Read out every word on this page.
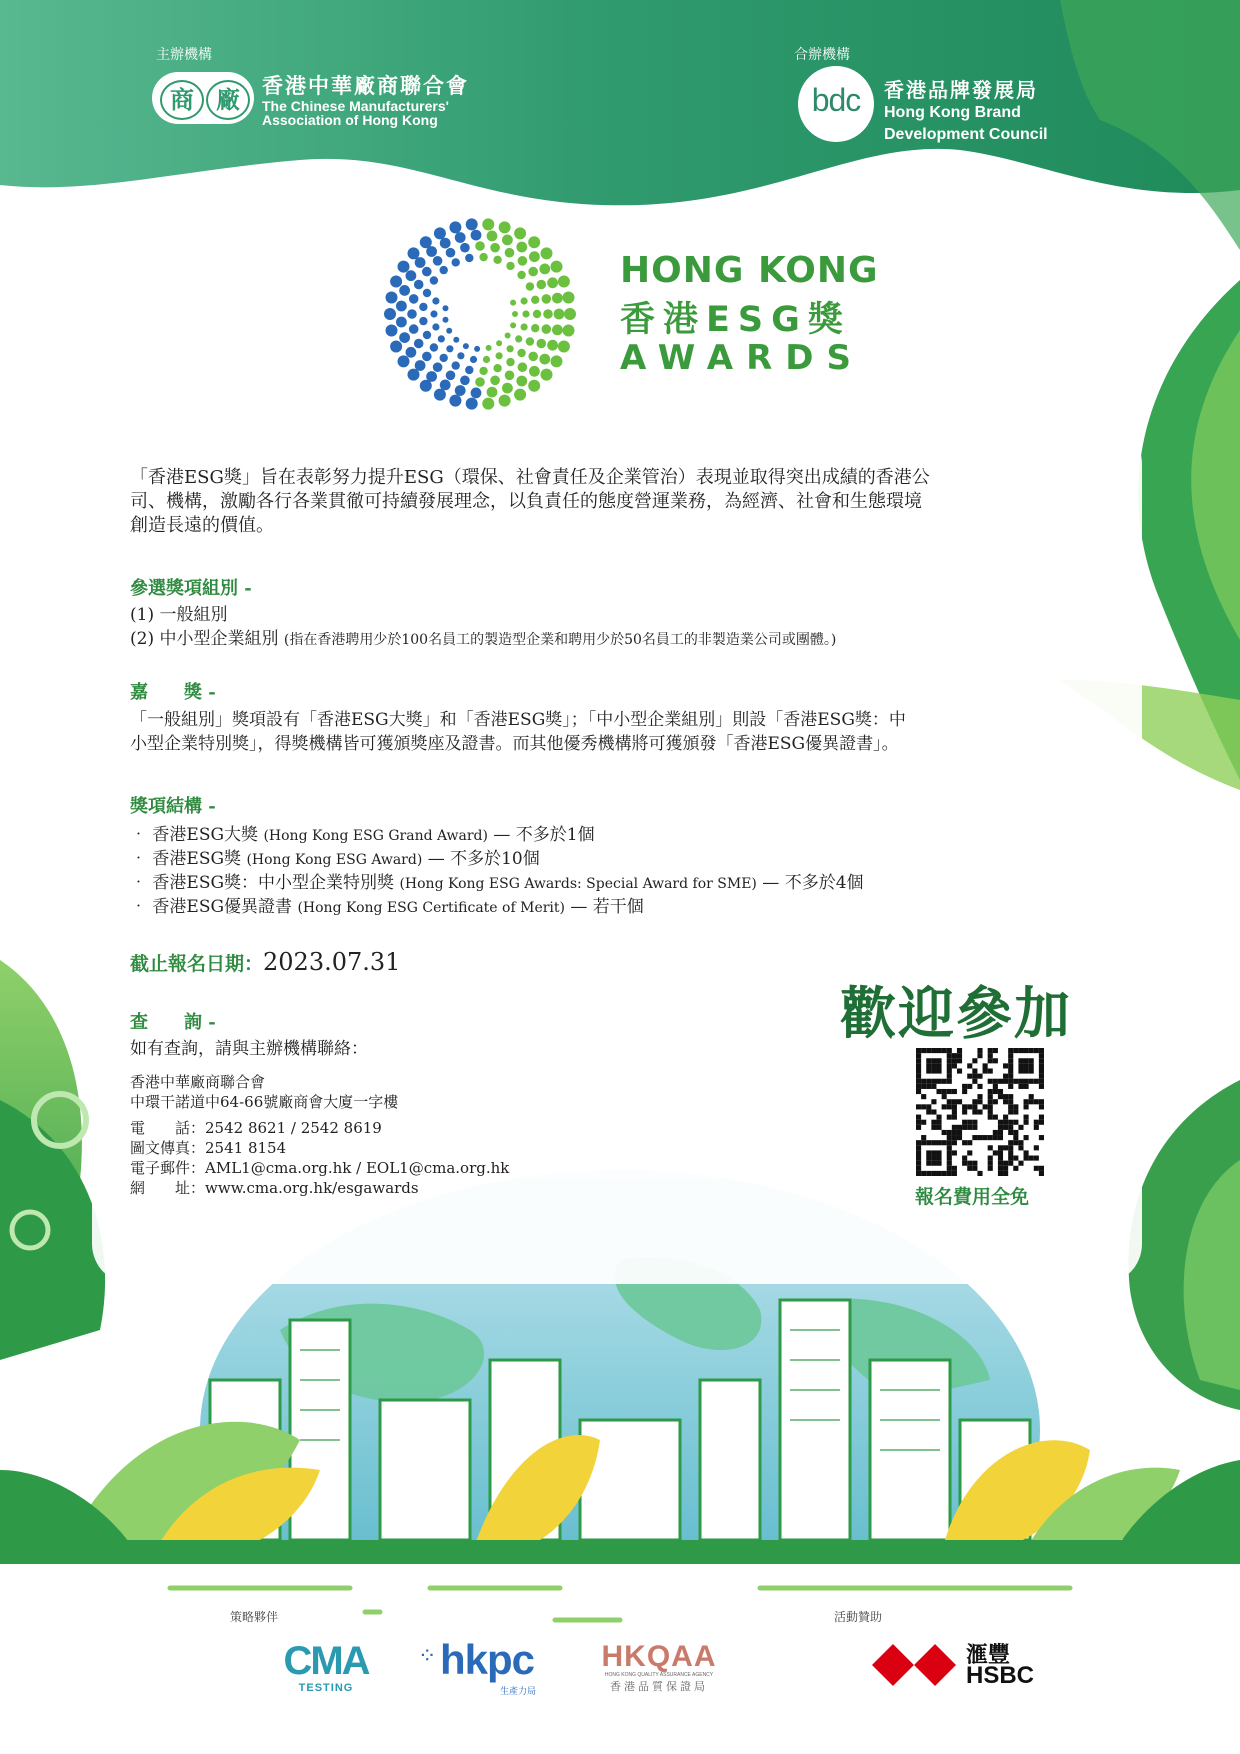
主辦機構	合辦機構
商 廠	香港中華廠商聯合會
The Chinese Manufacturers'
Association of Hong Kong
bdc	香港品牌發展局
Hong Kong Brand
Development Council
HONG KONG
香港ESG獎
AWARDS
「香港ESG獎」旨在表彰努力提升ESG（環保、社會責任及企業管治）表現並取得突出成績的香港公
司、機構，激勵各行各業貫徹可持續發展理念，以負責任的態度營運業務，為經濟、社會和生態環境
創造長遠的價值。
參選獎項組別 -
(1) 一般組別
(2) 中小型企業組別 (指在香港聘用少於100名員工的製造型企業和聘用少於50名員工的非製造業公司或團體。)
嘉　　獎 -
「一般組別」獎項設有「香港ESG大獎」和「香港ESG獎」；「中小型企業組別」則設「香港ESG獎：中
小型企業特別獎」，得獎機構皆可獲頒獎座及證書。而其他優秀機構將可獲頒發「香港ESG優異證書」。
獎項結構 -
‧ 香港ESG大獎 (Hong Kong ESG Grand Award) — 不多於1個
‧ 香港ESG獎 (Hong Kong ESG Award) — 不多於10個
‧ 香港ESG獎：中小型企業特別獎 (Hong Kong ESG Awards: Special Award for SME) — 不多於4個
‧ 香港ESG優異證書 (Hong Kong ESG Certificate of Merit) — 若干個
截止報名日期：2023.07.31
查　　詢 -
如有查詢，請與主辦機構聯絡：
香港中華廠商聯合會
中環干諾道中64-66號廠商會大廈一字樓
電　　話：2542 8621 / 2542 8619
圖文傳真：2541 8154
電子郵件：AML1@cma.org.hk / EOL1@cma.org.hk
網　　址：www.cma.org.hk/esgawards
歡迎參加
報名費用全免
策略夥伴	活動贊助
CMA
TESTING
⁘ hkpc
生產力局
HKQAA
HONG KONG QUALITY ASSURANCE AGENCY
香港品質保證局
滙豐
HSBC
